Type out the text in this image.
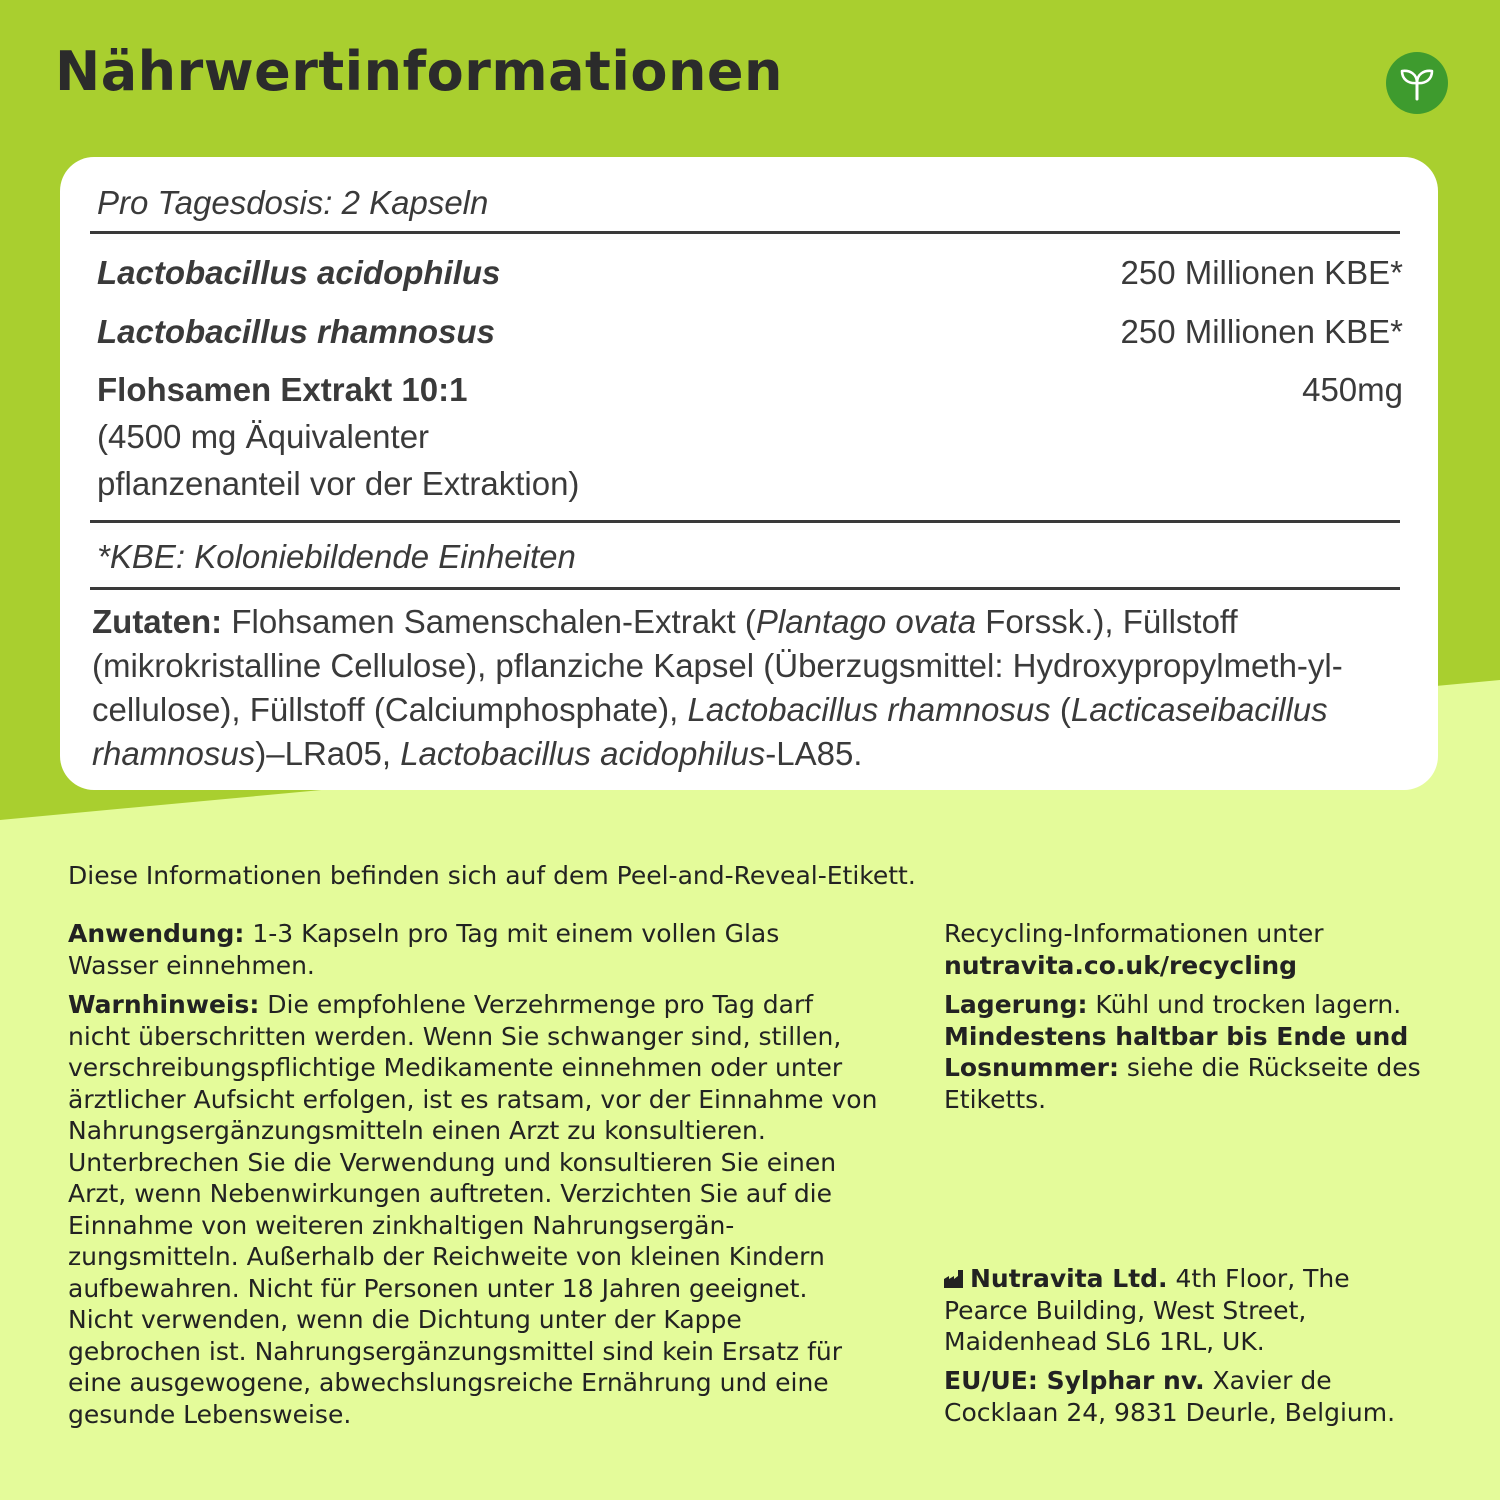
Nährwertinformationen
Pro Tagesdosis: 2 Kapseln
Lactobacillus acidophilus	250 Millionen KBE*
Lactobacillus rhamnosus	250 Millionen KBE*
Flohsamen Extrakt 10:1
(4500 mg Äquivalenter
pflanzenanteil vor der Extraktion)
450mg
*KBE: Koloniebildende Einheiten
Zutaten: Flohsamen Samenschalen-Extrakt (Plantago ovata Forssk.), Füllstoff (mikrokristalline Cellulose), pflanziche Kapsel (Überzugsmittel: Hydroxypropylmeth-yl- cellulose), Füllstoff (Calciumphosphate), Lactobacillus rhamnosus (Lacticaseibacillus rhamnosus)–LRa05, Lactobacillus acidophilus-LA85.
Diese Informationen befinden sich auf dem Peel-and-Reveal-Etikett.
Anwendung: 1-3 Kapseln pro Tag mit einem vollen Glas Wasser einnehmen.
Warnhinweis: Die empfohlene Verzehrmenge pro Tag darf nicht überschritten werden. Wenn Sie schwanger sind, stillen, verschreibungspflichtige Medikamente einnehmen oder unter ärztlicher Aufsicht erfolgen, ist es ratsam, vor der Einnahme von Nahrungsergänzungsmitteln einen Arzt zu konsultieren. Unterbrechen Sie die Verwendung und konsultieren Sie einen Arzt, wenn Nebenwirkungen auftreten. Verzichten Sie auf die Einnahme von weiteren zinkhaltigen Nahrungsergän- zungsmitteln. Außerhalb der Reichweite von kleinen Kindern aufbewahren. Nicht für Personen unter 18 Jahren geeignet. Nicht verwenden, wenn die Dichtung unter der Kappe gebrochen ist. Nahrungsergänzungsmittel sind kein Ersatz für eine ausgewogene, abwechslungsreiche Ernährung und eine gesunde Lebensweise.
Recycling-Informationen unter
nutravita.co.uk/recycling
Lagerung: Kühl und trocken lagern.
Mindestens haltbar bis Ende und Losnummer: siehe die Rückseite des Etiketts.
Nutravita Ltd. 4th Floor, The Pearce Building, West Street, Maidenhead SL6 1RL, UK.
EU/UE: Sylphar nv. Xavier de Cocklaan 24, 9831 Deurle, Belgium.
